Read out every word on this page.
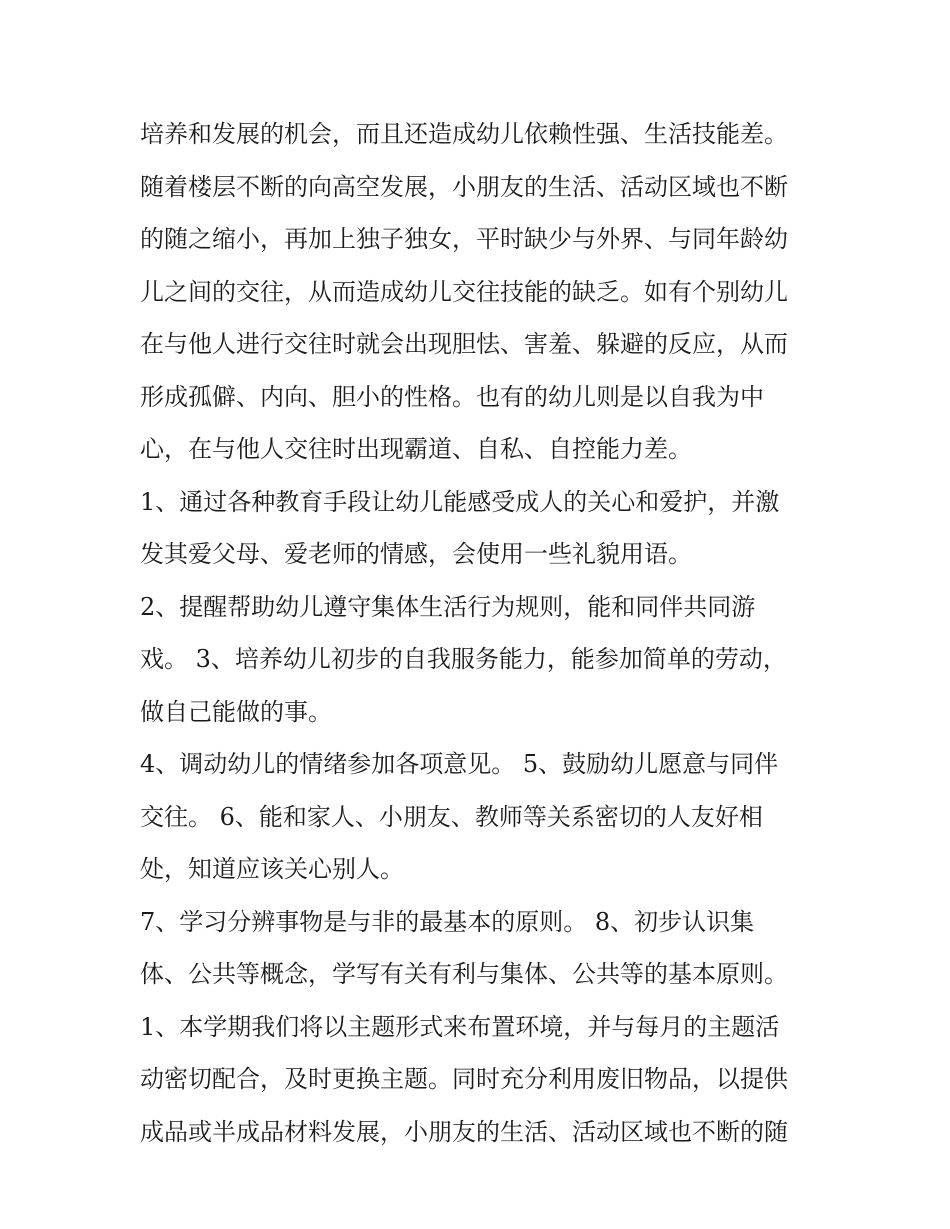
培养和发展的机会，而且还造成幼儿依赖性强、生活技能差。
随着楼层不断的向高空发展，小朋友的生活、活动区域也不断
的随之缩小，再加上独子独女，平时缺少与外界、与同年龄幼
儿之间的交往，从而造成幼儿交往技能的缺乏。如有个别幼儿
在与他人进行交往时就会出现胆怯、害羞、躲避的反应，从而
形成孤僻、内向、胆小的性格。也有的幼儿则是以自我为中
心，在与他人交往时出现霸道、自私、自控能力差。
1、通过各种教育手段让幼儿能感受成人的关心和爱护，并激
发其爱父母、爱老师的情感，会使用一些礼貌用语。
2、提醒帮助幼儿遵守集体生活行为规则，能和同伴共同游
戏。 3、培养幼儿初步的自我服务能力，能参加简单的劳动，
做自己能做的事。
4、调动幼儿的情绪参加各项意见。 5、鼓励幼儿愿意与同伴
交往。 6、能和家人、小朋友、教师等关系密切的人友好相
处，知道应该关心别人。
7、学习分辨事物是与非的最基本的原则。 8、初步认识集
体、公共等概念，学写有关有利与集体、公共等的基本原则。
1、本学期我们将以主题形式来布置环境，并与每月的主题活
动密切配合，及时更换主题。同时充分利用废旧物品，以提供
成品或半成品材料发展，小朋友的生活、活动区域也不断的随
